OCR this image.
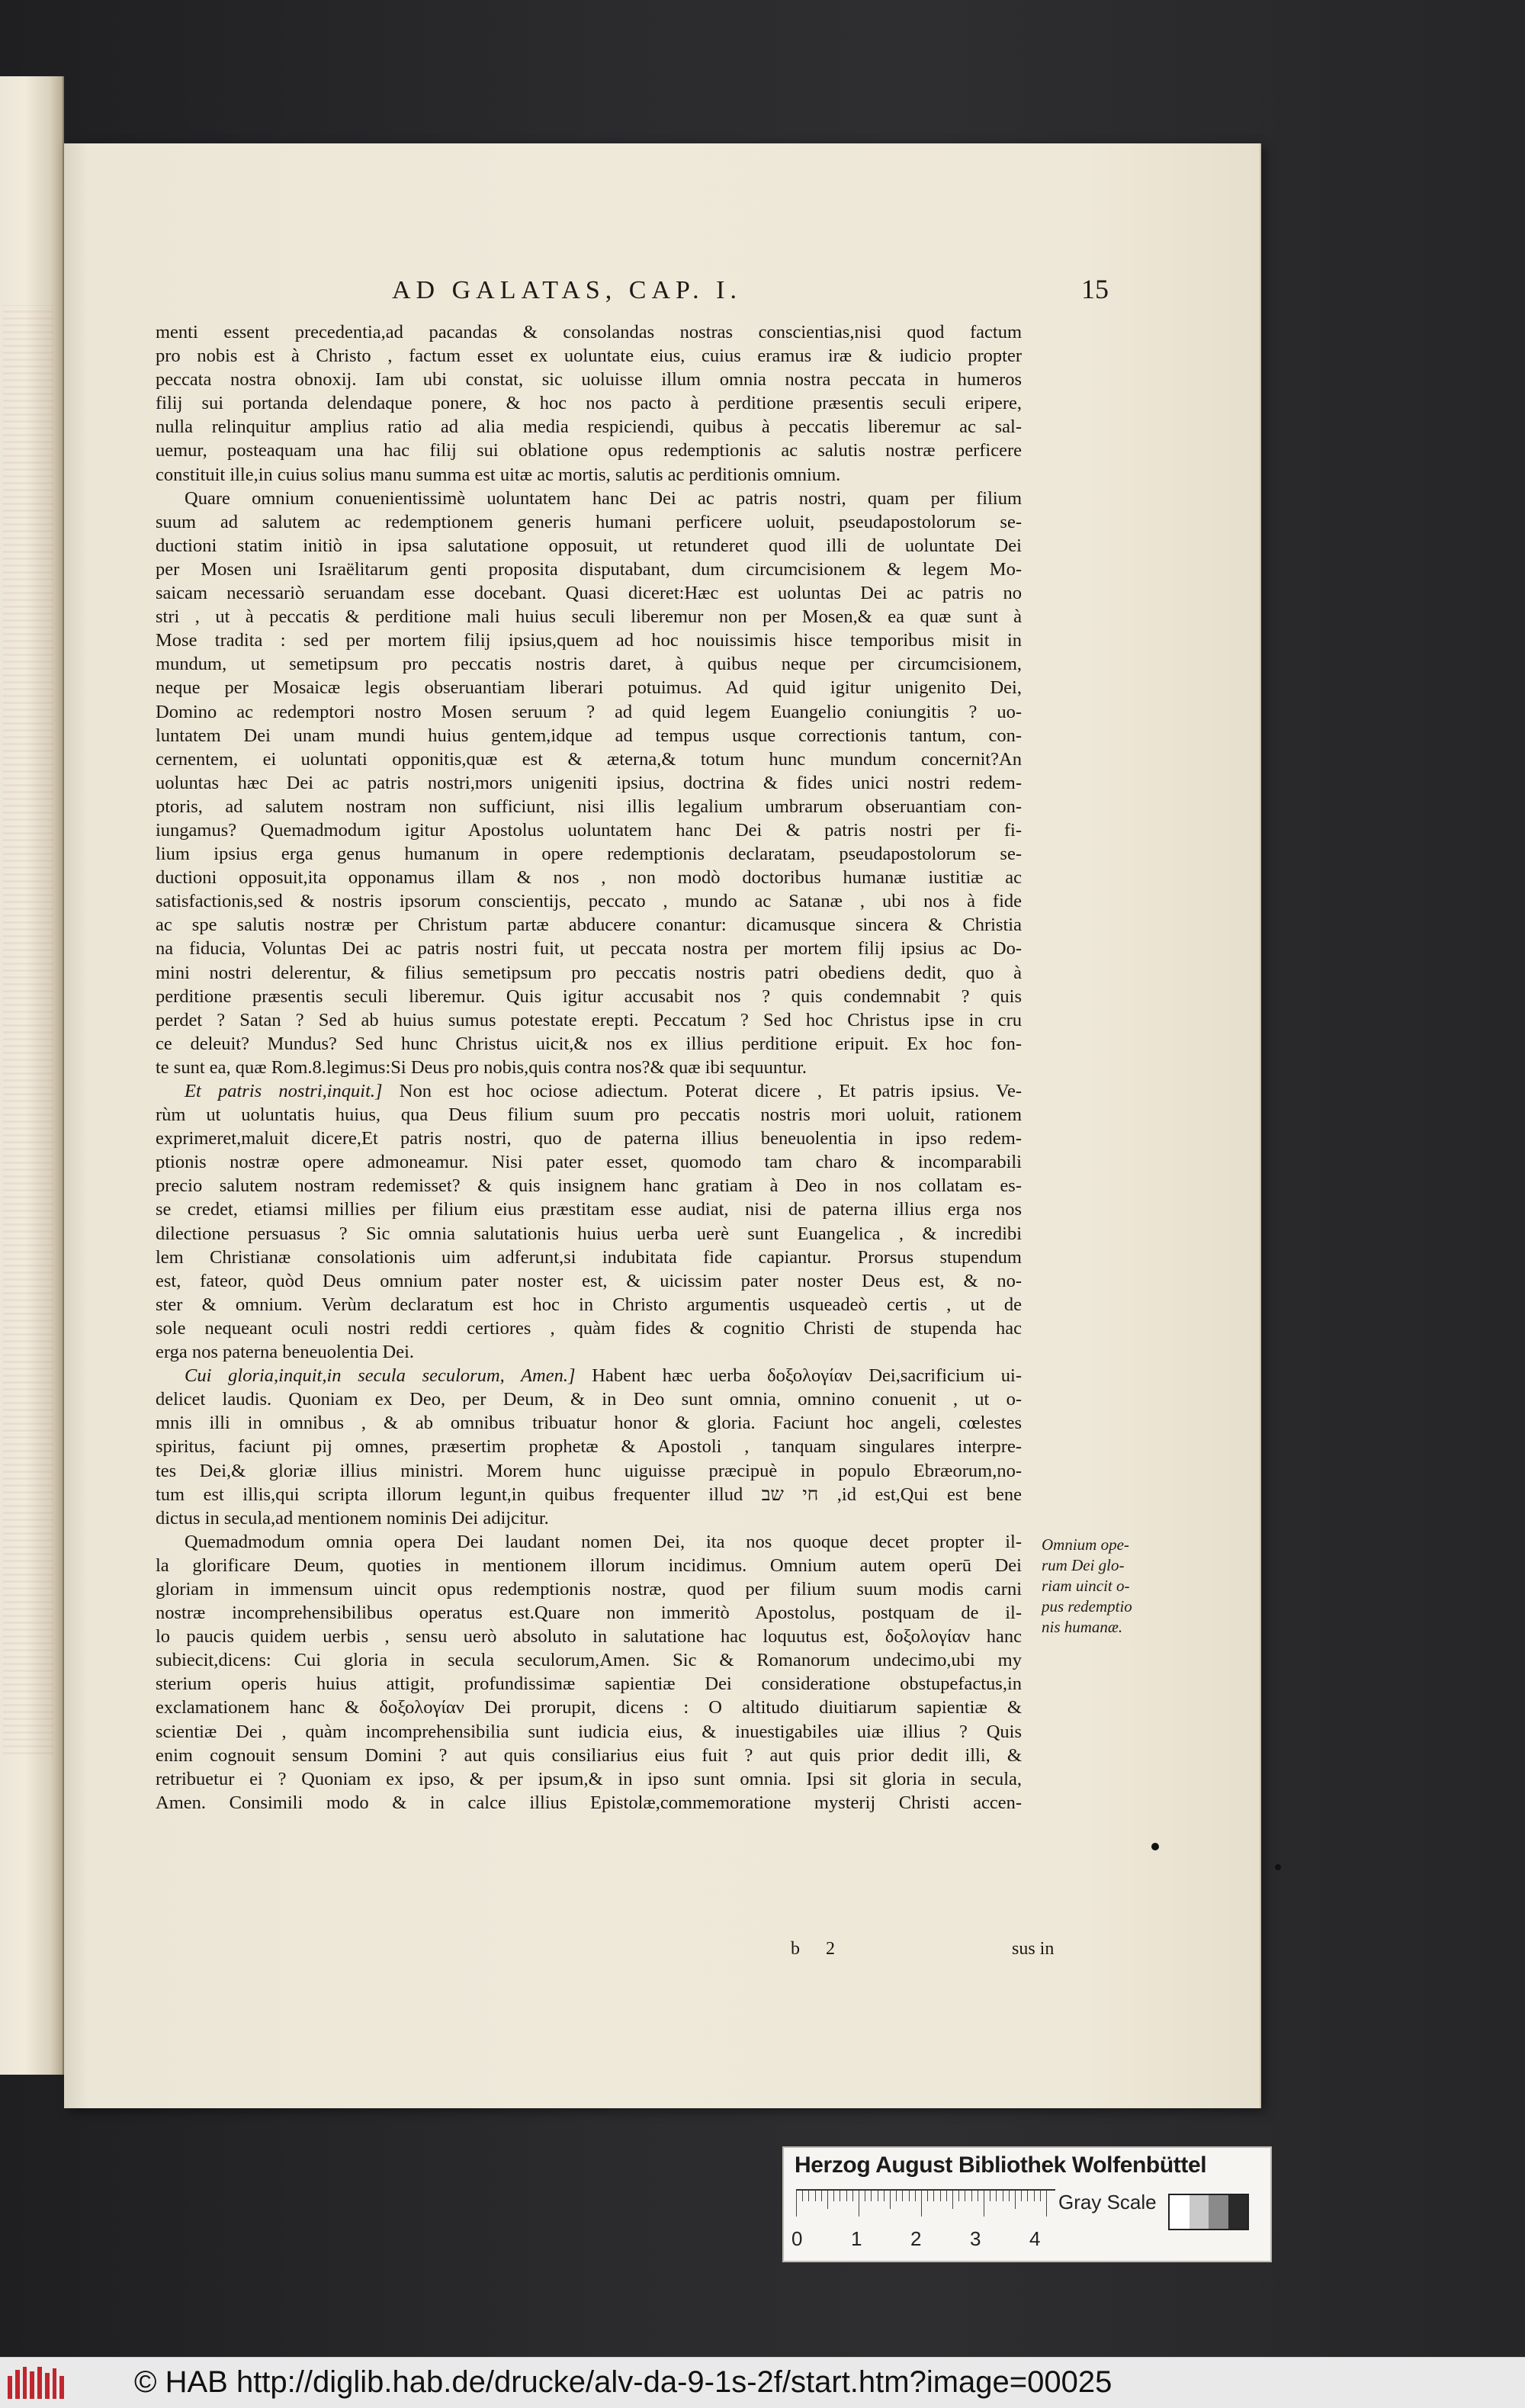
AD GALATAS, CAP. I.	15
menti essent precedentia,ad pacandas & consolandas nostras conscientias,nisi quod factum
pro nobis est à Christo , factum esset ex uoluntate eius, cuius eramus iræ & iudicio propter
peccata nostra obnoxij. Iam ubi constat, sic uoluisse illum omnia nostra peccata in humeros
filij sui portanda delendaque ponere, & hoc nos pacto à perditione præsentis seculi eripere,
nulla relinquitur amplius ratio ad alia media respiciendi, quibus à peccatis liberemur ac sal-
uemur, posteaquam una hac filij sui oblatione opus redemptionis ac salutis nostræ perficere
constituit ille,in cuius solius manu summa est uitæ ac mortis, salutis ac perditionis omnium.
Quare omnium conuenientissimè uoluntatem hanc Dei ac patris nostri, quam per filium
suum ad salutem ac redemptionem generis humani perficere uoluit, pseudapostolorum se-
ductioni statim initiò in ipsa salutatione opposuit, ut retunderet quod illi de uoluntate Dei
per Mosen uni Israëlitarum genti proposita disputabant, dum circumcisionem & legem Mo-
saicam necessariò seruandam esse docebant. Quasi diceret:Hæc est uoluntas Dei ac patris no
stri , ut à peccatis & perditione mali huius seculi liberemur non per Mosen,& ea quæ sunt à
Mose tradita : sed per mortem filij ipsius,quem ad hoc nouissimis hisce temporibus misit in
mundum, ut semetipsum pro peccatis nostris daret, à quibus neque per circumcisionem,
neque per Mosaicæ legis obseruantiam liberari potuimus. Ad quid igitur unigenito Dei,
Domino ac redemptori nostro Mosen seruum ? ad quid legem Euangelio coniungitis ? uo-
luntatem Dei unam mundi huius gentem,idque ad tempus usque correctionis tantum, con-
cernentem, ei uoluntati opponitis,quæ est & æterna,& totum hunc mundum concernit?An
uoluntas hæc Dei ac patris nostri,mors unigeniti ipsius, doctrina & fides unici nostri redem-
ptoris, ad salutem nostram non sufficiunt, nisi illis legalium umbrarum obseruantiam con-
iungamus? Quemadmodum igitur Apostolus uoluntatem hanc Dei & patris nostri per fi-
lium ipsius erga genus humanum in opere redemptionis declaratam, pseudapostolorum se-
ductioni opposuit,ita opponamus illam & nos , non modò doctoribus humanæ iustitiæ ac
satisfactionis,sed & nostris ipsorum conscientijs, peccato , mundo ac Satanæ , ubi nos à fide
ac spe salutis nostræ per Christum partæ abducere conantur: dicamusque sincera & Christia
na fiducia, Voluntas Dei ac patris nostri fuit, ut peccata nostra per mortem filij ipsius ac Do-
mini nostri delerentur, & filius semetipsum pro peccatis nostris patri obediens dedit, quo à
perditione præsentis seculi liberemur. Quis igitur accusabit nos ? quis condemnabit ? quis
perdet ? Satan ? Sed ab huius sumus potestate erepti. Peccatum ? Sed hoc Christus ipse in cru
ce deleuit? Mundus? Sed hunc Christus uicit,& nos ex illius perditione eripuit. Ex hoc fon-
te sunt ea, quæ Rom.8.legimus:Si Deus pro nobis,quis contra nos?& quæ ibi sequuntur.
Et patris nostri,inquit.] Non est hoc ociose adiectum. Poterat dicere , Et patris ipsius. Ve-
rùm ut uoluntatis huius, qua Deus filium suum pro peccatis nostris mori uoluit, rationem
exprimeret,maluit dicere,Et patris nostri, quo de paterna illius beneuolentia in ipso redem-
ptionis nostræ opere admoneamur. Nisi pater esset, quomodo tam charo & incomparabili
precio salutem nostram redemisset? & quis insignem hanc gratiam à Deo in nos collatam es-
se credet, etiamsi millies per filium eius præstitam esse audiat, nisi de paterna illius erga nos
dilectione persuasus ? Sic omnia salutationis huius uerba uerè sunt Euangelica , & incredibi
lem Christianæ consolationis uim adferunt,si indubitata fide capiantur. Prorsus stupendum
est, fateor, quòd Deus omnium pater noster est, & uicissim pater noster Deus est, & no-
ster & omnium. Verùm declaratum est hoc in Christo argumentis usqueadeò certis , ut de
sole nequeant oculi nostri reddi certiores , quàm fides & cognitio Christi de stupenda hac
erga nos paterna beneuolentia Dei.
Cui gloria,inquit,in secula seculorum, Amen.] Habent hæc uerba δοξολογίαν Dei,sacrificium ui-
delicet laudis. Quoniam ex Deo, per Deum, & in Deo sunt omnia, omnino conuenit , ut o-
mnis illi in omnibus , & ab omnibus tribuatur honor & gloria. Faciunt hoc angeli, cœlestes
spiritus, faciunt pij omnes, præsertim prophetæ & Apostoli , tanquam singulares interpre-
tes Dei,& gloriæ illius ministri. Morem hunc uiguisse præcipuè in populo Ebræorum,no-
tum est illis,qui scripta illorum legunt,in quibus frequenter illud חי שב ,id est,Qui est bene
dictus in secula,ad mentionem nominis Dei adijcitur.
Quemadmodum omnia opera Dei laudant nomen Dei, ita nos quoque decet propter il-
la glorificare Deum, quoties in mentionem illorum incidimus. Omnium autem operū Dei
gloriam in immensum uincit opus redemptionis nostræ, quod per filium suum modis carni
nostræ incomprehensibilibus operatus est.Quare non immeritò Apostolus, postquam de il-
lo paucis quidem uerbis , sensu uerò absoluto in salutatione hac loquutus est, δοξολογίαν hanc
subiecit,dicens: Cui gloria in secula seculorum,Amen. Sic & Romanorum undecimo,ubi my
sterium operis huius attigit, profundissimæ sapientiæ Dei consideratione obstupefactus,in
exclamationem hanc & δοξολογίαν Dei prorupit, dicens : O altitudo diuitiarum sapientiæ &
scientiæ Dei , quàm incomprehensibilia sunt iudicia eius, & inuestigabiles uiæ illius ? Quis
enim cognouit sensum Domini ? aut quis consiliarius eius fuit ? aut quis prior dedit illi, &
retribuetur ei ? Quoniam ex ipso, & per ipsum,& in ipso sunt omnia. Ipsi sit gloria in secula,
Amen. Consimili modo & in calce illius Epistolæ,commemoratione mysterij Christi accen-
Omnium ope-
rum Dei glo-
riam uincit o-
pus redemptio
nis humanæ.
b 2	sus in
Herzog August Bibliothek Wolfenbüttel
0 1 2 3 4
Gray Scale
© HAB http://diglib.hab.de/drucke/alv-da-9-1s-2f/start.htm?image=00025
